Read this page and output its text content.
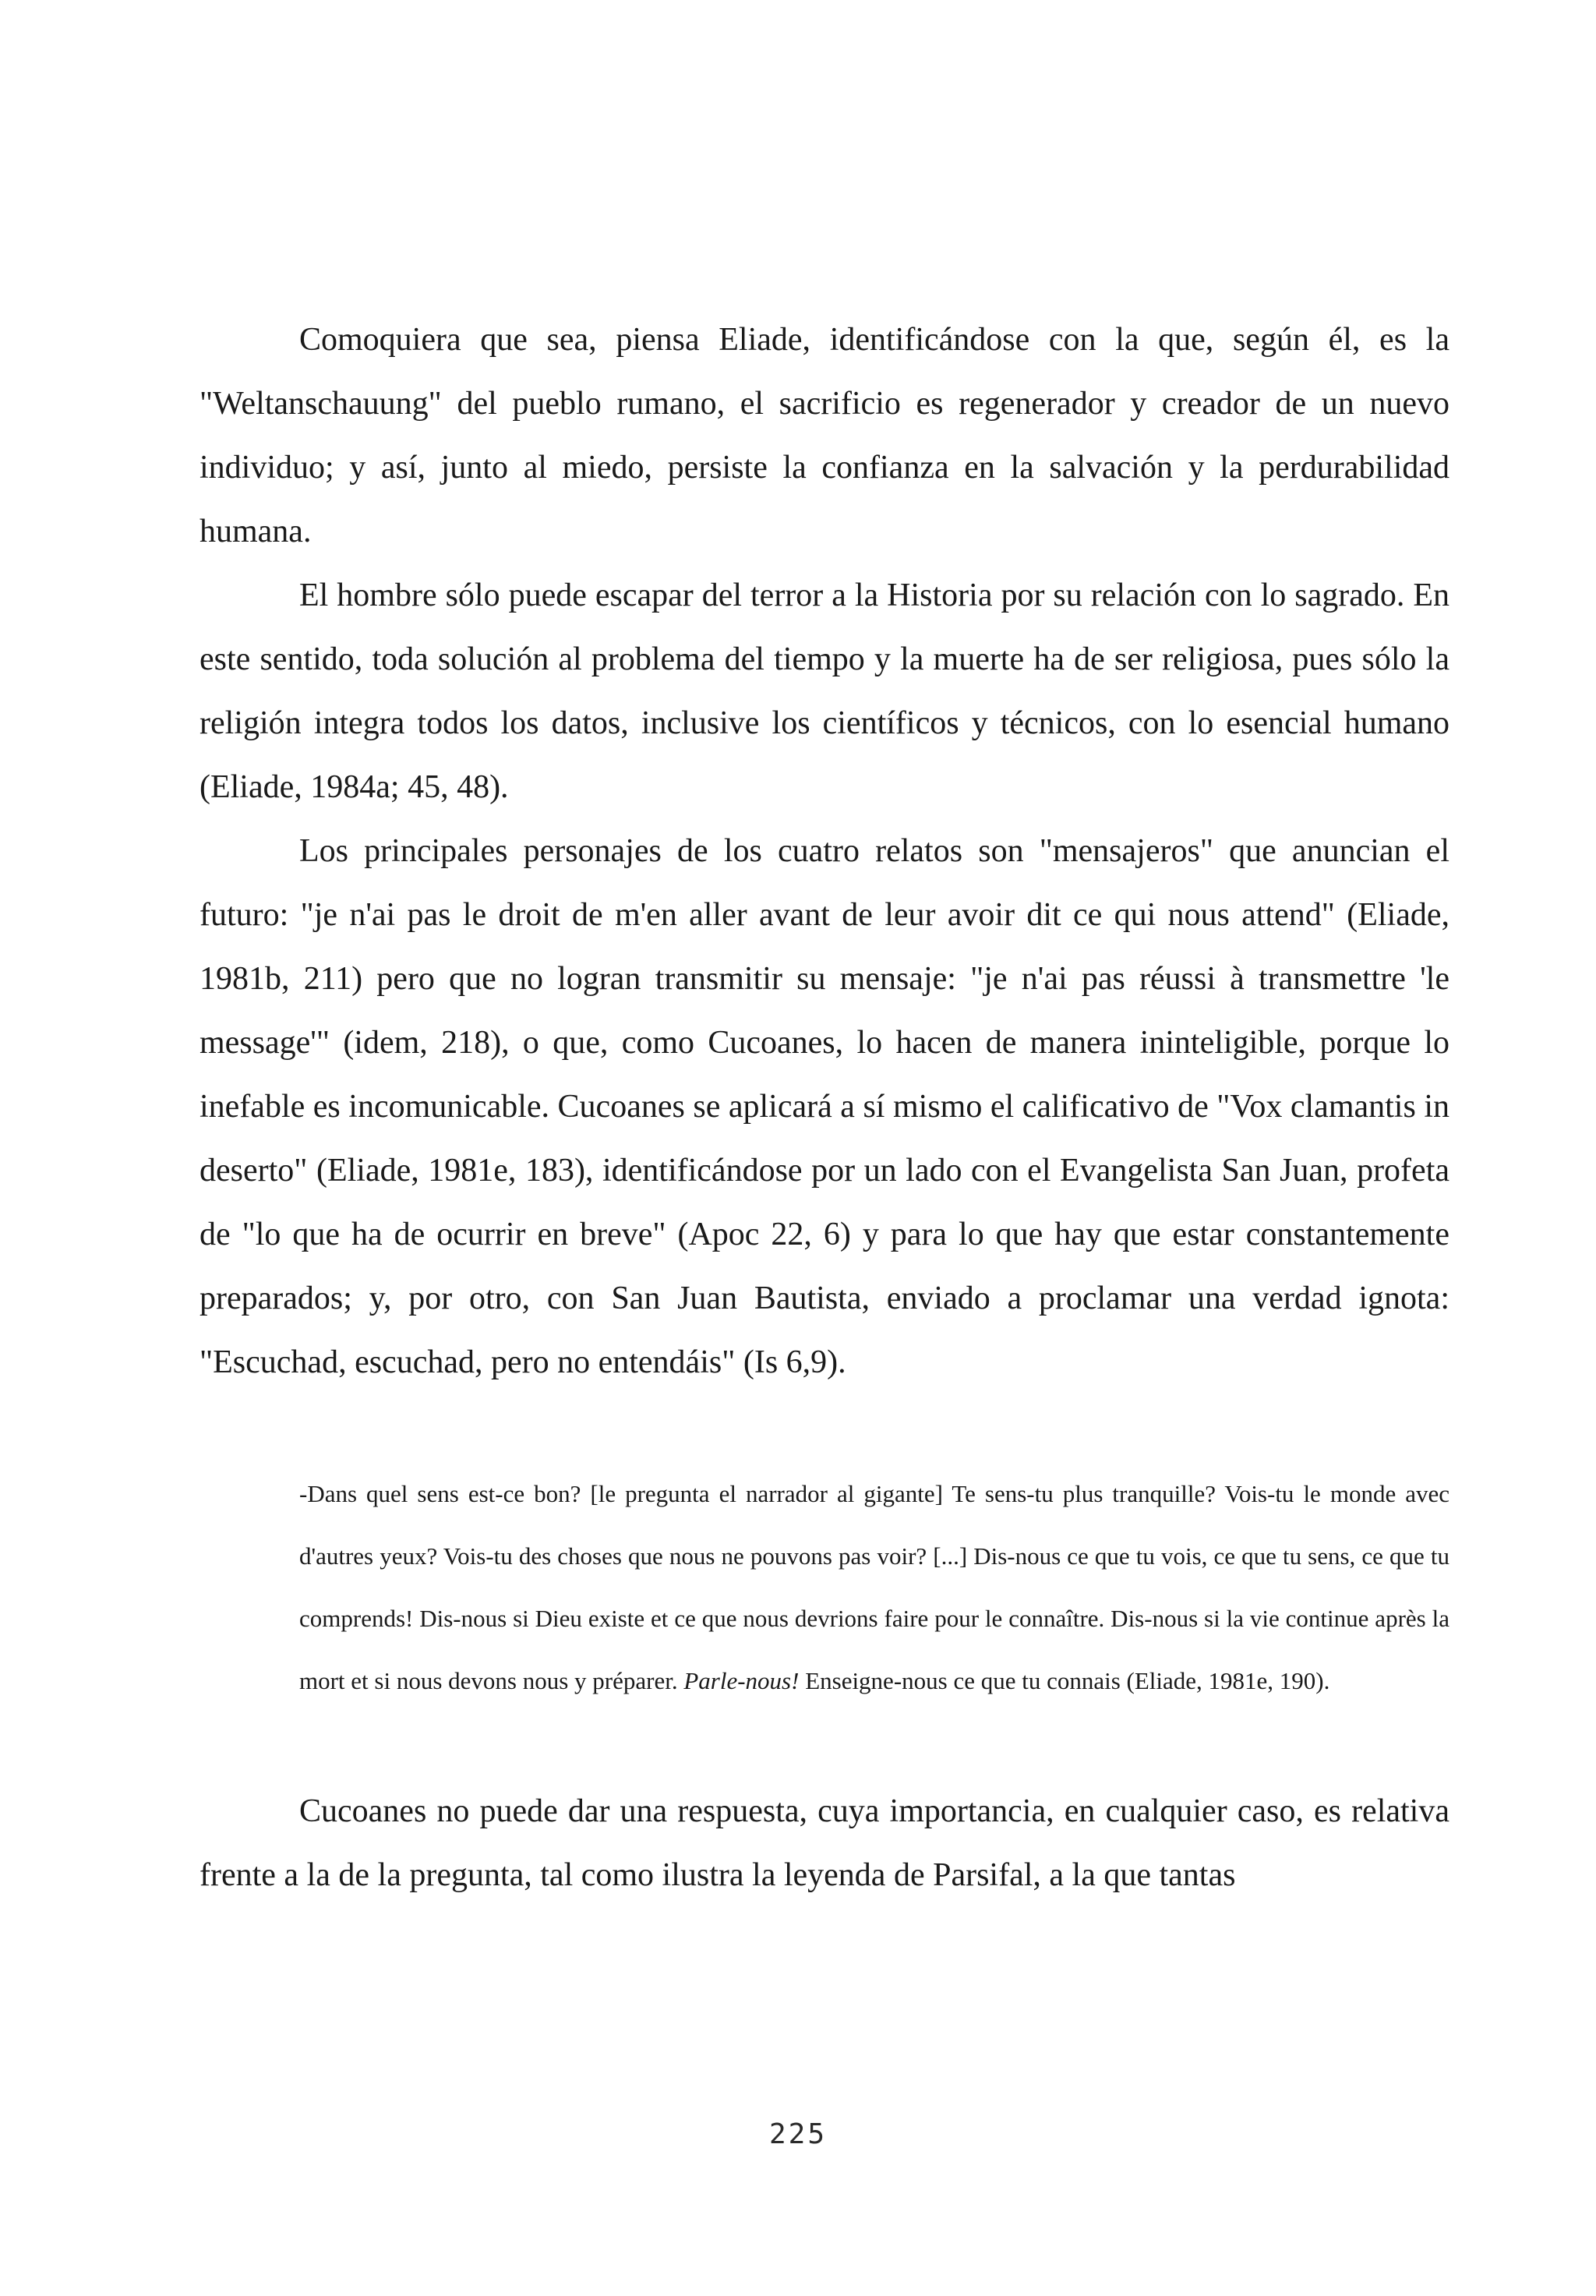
Comoquiera que sea, piensa Eliade, identificándose con la que, según él, es la "Weltanschauung" del pueblo rumano, el sacrificio es regenerador y creador de un nuevo individuo; y así, junto al miedo, persiste la confianza en la salvación y la perdurabilidad humana.

El hombre sólo puede escapar del terror a la Historia por su relación con lo sagrado. En este sentido, toda solución al problema del tiempo y la muerte ha de ser religiosa, pues sólo la religión integra todos los datos, inclusive los científicos y técnicos, con lo esencial humano (Eliade, 1984a; 45, 48).

Los principales personajes de los cuatro relatos son "mensajeros" que anuncian el futuro: "je n'ai pas le droit de m'en aller avant de leur avoir dit ce qui nous attend" (Eliade, 1981b, 211) pero que no logran transmitir su mensaje: "je n'ai pas réussi à transmettre 'le message'" (idem, 218), o que, como Cucoanes, lo hacen de manera ininteligible, porque lo inefable es incomunicable. Cucoanes se aplicará a sí mismo el calificativo de "Vox clamantis in deserto" (Eliade, 1981e, 183), identificándose por un lado con el Evangelista San Juan, profeta de "lo que ha de ocurrir en breve" (Apoc 22, 6) y para lo que hay que estar constantemente preparados; y, por otro, con San Juan Bautista, enviado a proclamar una verdad ignota: "Escuchad, escuchad, pero no entendáis" (Is 6,9).

-Dans quel sens est-ce bon? [le pregunta el narrador al gigante] Te sens-tu plus tranquille? Vois-tu le monde avec d'autres yeux? Vois-tu des choses que nous ne pouvons pas voir? [...] Dis-nous ce que tu vois, ce que tu sens, ce que tu comprends! Dis-nous si Dieu existe et ce que nous devrions faire pour le connaître. Dis-nous si la vie continue après la mort et si nous devons nous y préparer. Parle-nous! Enseigne-nous ce que tu connais (Eliade, 1981e, 190).

Cucoanes no puede dar una respuesta, cuya importancia, en cualquier caso, es relativa frente a la de la pregunta, tal como ilustra la leyenda de Parsifal, a la que tantas

225
